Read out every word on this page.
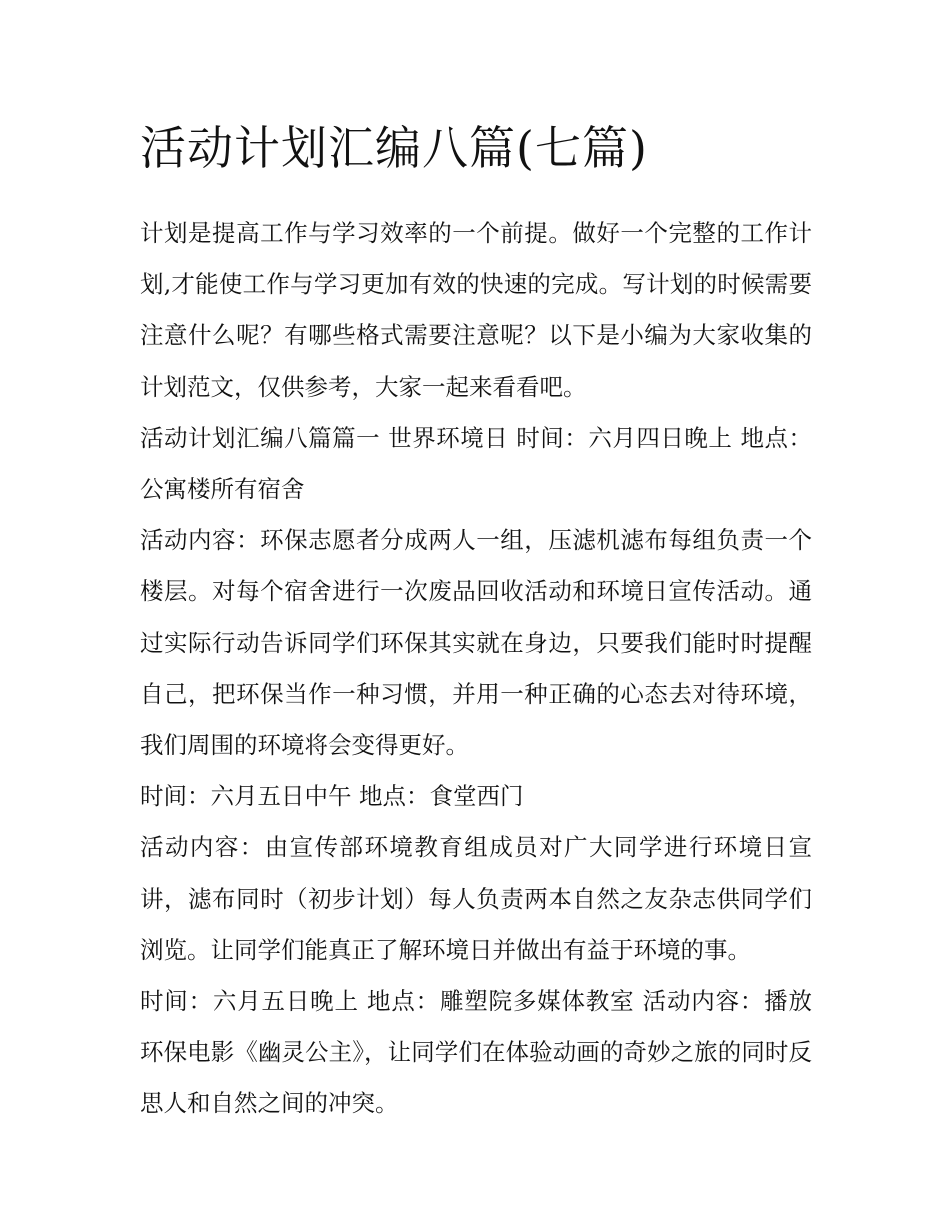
活动计划汇编八篇(七篇)

计划是提高工作与学习效率的一个前提。做好一个完整的工作计划,才能使工作与学习更加有效的快速的完成。写计划的时候需要注意什么呢？有哪些格式需要注意呢？以下是小编为大家收集的计划范文，仅供参考，大家一起来看看吧。

活动计划汇编八篇篇一 世界环境日 时间：六月四日晚上 地点：公寓楼所有宿舍

活动内容：环保志愿者分成两人一组，压滤机滤布每组负责一个楼层。对每个宿舍进行一次废品回收活动和环境日宣传活动。通过实际行动告诉同学们环保其实就在身边，只要我们能时时提醒自己，把环保当作一种习惯，并用一种正确的心态去对待环境，我们周围的环境将会变得更好。

时间：六月五日中午 地点：食堂西门

活动内容：由宣传部环境教育组成员对广大同学进行环境日宣讲，滤布同时（初步计划）每人负责两本自然之友杂志供同学们浏览。让同学们能真正了解环境日并做出有益于环境的事。

时间：六月五日晚上 地点：雕塑院多媒体教室 活动内容：播放环保电影《幽灵公主》，让同学们在体验动画的奇妙之旅的同时反思人和自然之间的冲突。
